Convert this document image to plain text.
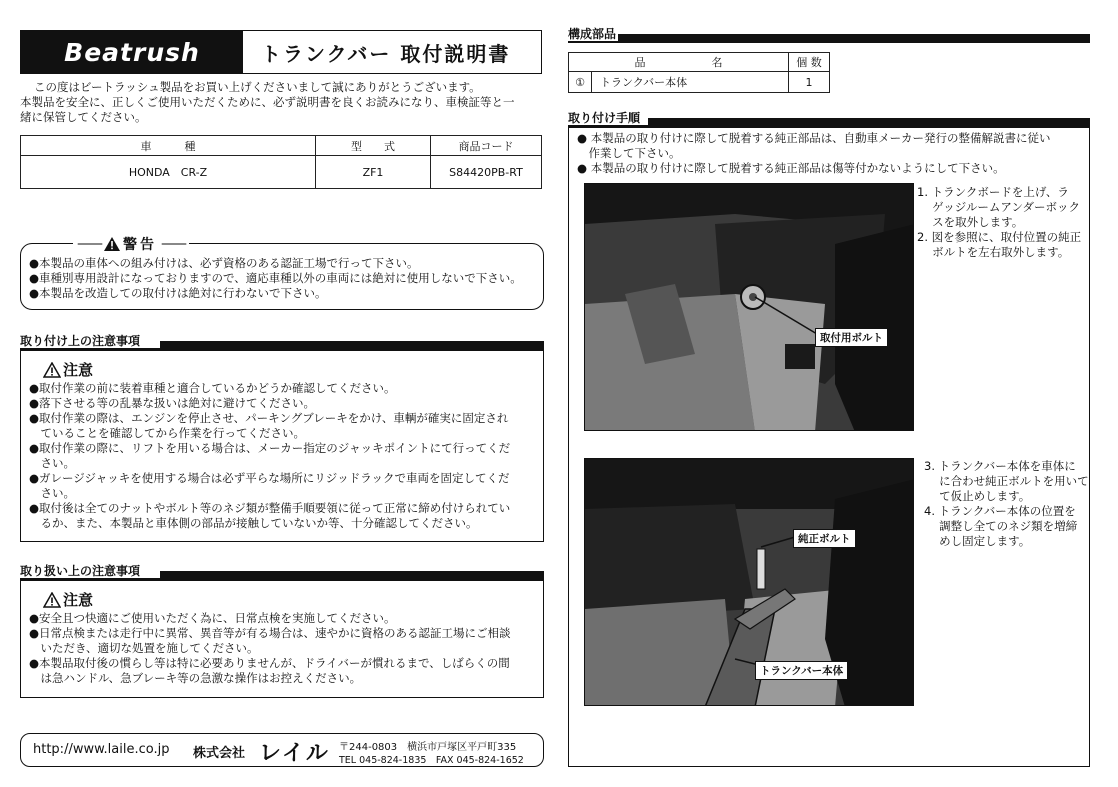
Beatrush	トランクバー 取付説明書
この度はビートラッシュ製品をお買い上げくださいまして誠にありがとうございます。
本製品を安全に、正しくご使用いただくために、必ず説明書を良くお読みになり、車検証等と一
緒に保管してください。
車　　　種	型　　式	商品コード
HONDA　CR-Z	ZF1	S84420PB-RT
—— 警告 ——
●本製品の車体への組み付けは、必ず資格のある認証工場で行って下さい。
●車種別専用設計になっておりますので、適応車種以外の車両には絶対に使用しないで下さい。
●本製品を改造しての取付けは絶対に行わないで下さい。
取り付け上の注意事項
注意
●取付作業の前に装着車種と適合しているかどうか確認してください。
●落下させる等の乱暴な扱いは絶対に避けてください。
●取付作業の際は、エンジンを停止させ、パーキングブレーキをかけ、車輌が確実に固定され
　ていることを確認してから作業を行ってください。
●取付作業の際に、リフトを用いる場合は、メーカー指定のジャッキポイントにて行ってくだ
　さい。
●ガレージジャッキを使用する場合は必ず平らな場所にリジッドラックで車両を固定してくだ
　さい。
●取付後は全てのナットやボルト等のネジ類が整備手順要領に従って正常に締め付けられてい
　るか、また、本製品と車体側の部品が接触していないか等、十分確認してください。
取り扱い上の注意事項
注意
●安全且つ快適にご使用いただく為に、日常点検を実施してください。
●日常点検または走行中に異常、異音等が有る場合は、速やかに資格のある認証工場にご相談
　いただき、適切な処置を施してください。
●本製品取付後の慣らし等は特に必要ありませんが、ドライバーが慣れるまで、しばらくの間
　は急ハンドル、急ブレーキ等の急激な操作はお控えください。
http://www.laile.co.jp 株式会社 レイル 〒244-0803　横浜市戸塚区平戸町335
TEL 045-824-1835　FAX 045-824-1652
構成部品
品　　　　　　名		個 数
①	トランクバー本体	1
取り付け手順
● 本製品の取り付けに際して脱着する純正部品は、自動車メーカー発行の整備解説書に従い
　作業して下さい。
● 本製品の取り付けに際して脱着する純正部品は傷等付かないようにして下さい。
取付用ボルト
1. トランクボードを上げ、ラ
　 ゲッジルームアンダーボック
　 スを取外します。
2. 図を参照に、取付位置の純正
　 ボルトを左右取外します。
純正ボルト
トランクバー本体
3. トランクバー本体を車体に
　 に合わせ純正ボルトを用いて
　 て仮止めします。
4. トランクバー本体の位置を
　 調整し全てのネジ類を増締
　 めし固定します。
